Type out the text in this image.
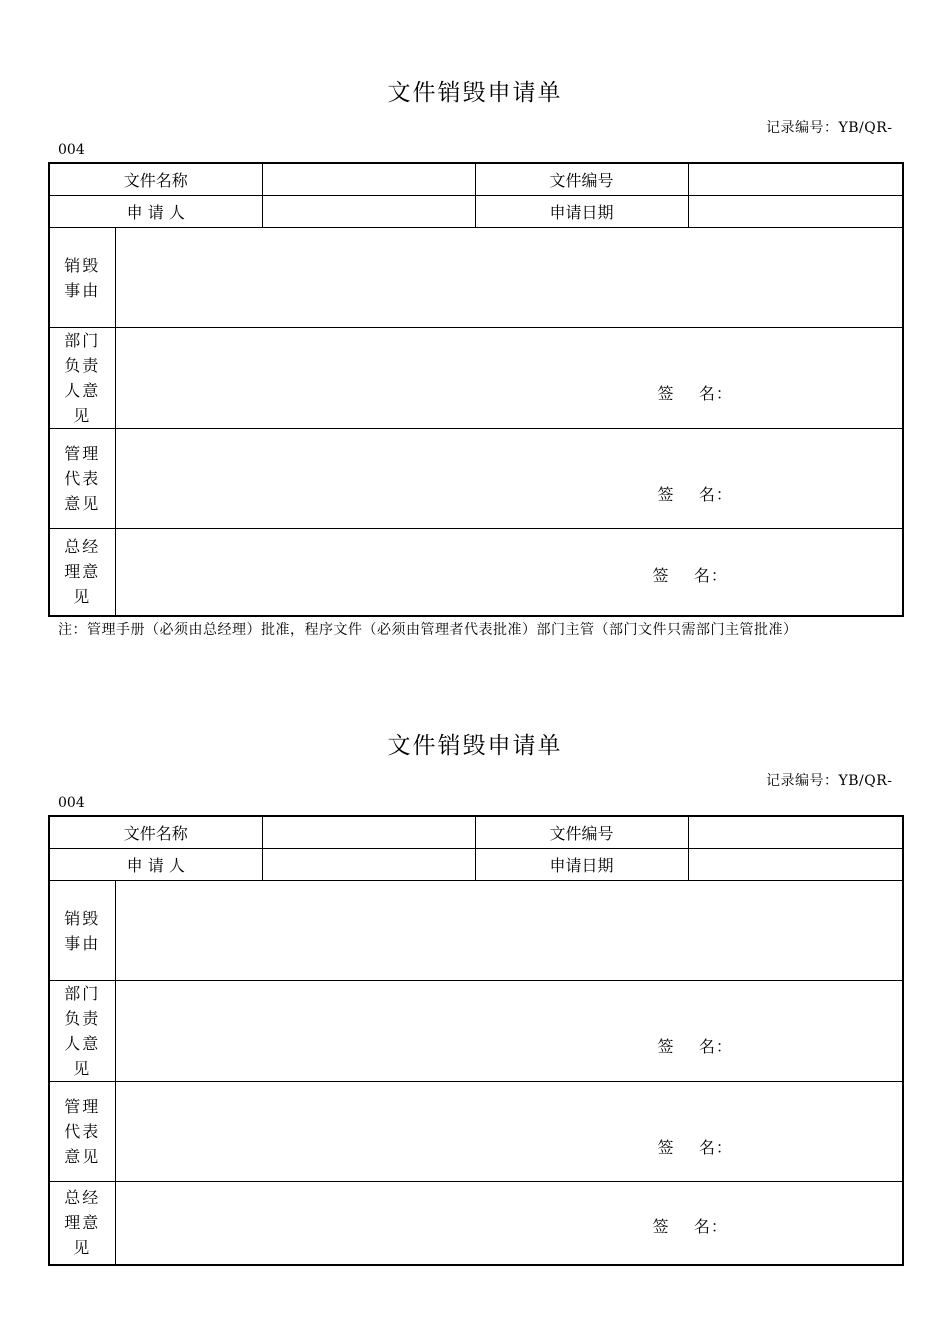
文件销毁申请单
记录编号：YB/QR-
004
文件名称			文件编号	
申 请 人			申请日期	
销毁
事由				
部门
负责
人意
见	签    名：			

管理
代表
意见	签    名：			

总经
理意
见	签    名：			
注：管理手册（必须由总经理）批准，程序文件（必须由管理者代表批准）部门主管（部门文件只需部门主管批准）
文件销毁申请单
记录编号：YB/QR-
004
文件名称			文件编号	
申 请 人			申请日期	
销毁
事由				
部门
负责
人意
见	签    名：			

管理
代表
意见	签    名：			

总经
理意
见	签    名：			
